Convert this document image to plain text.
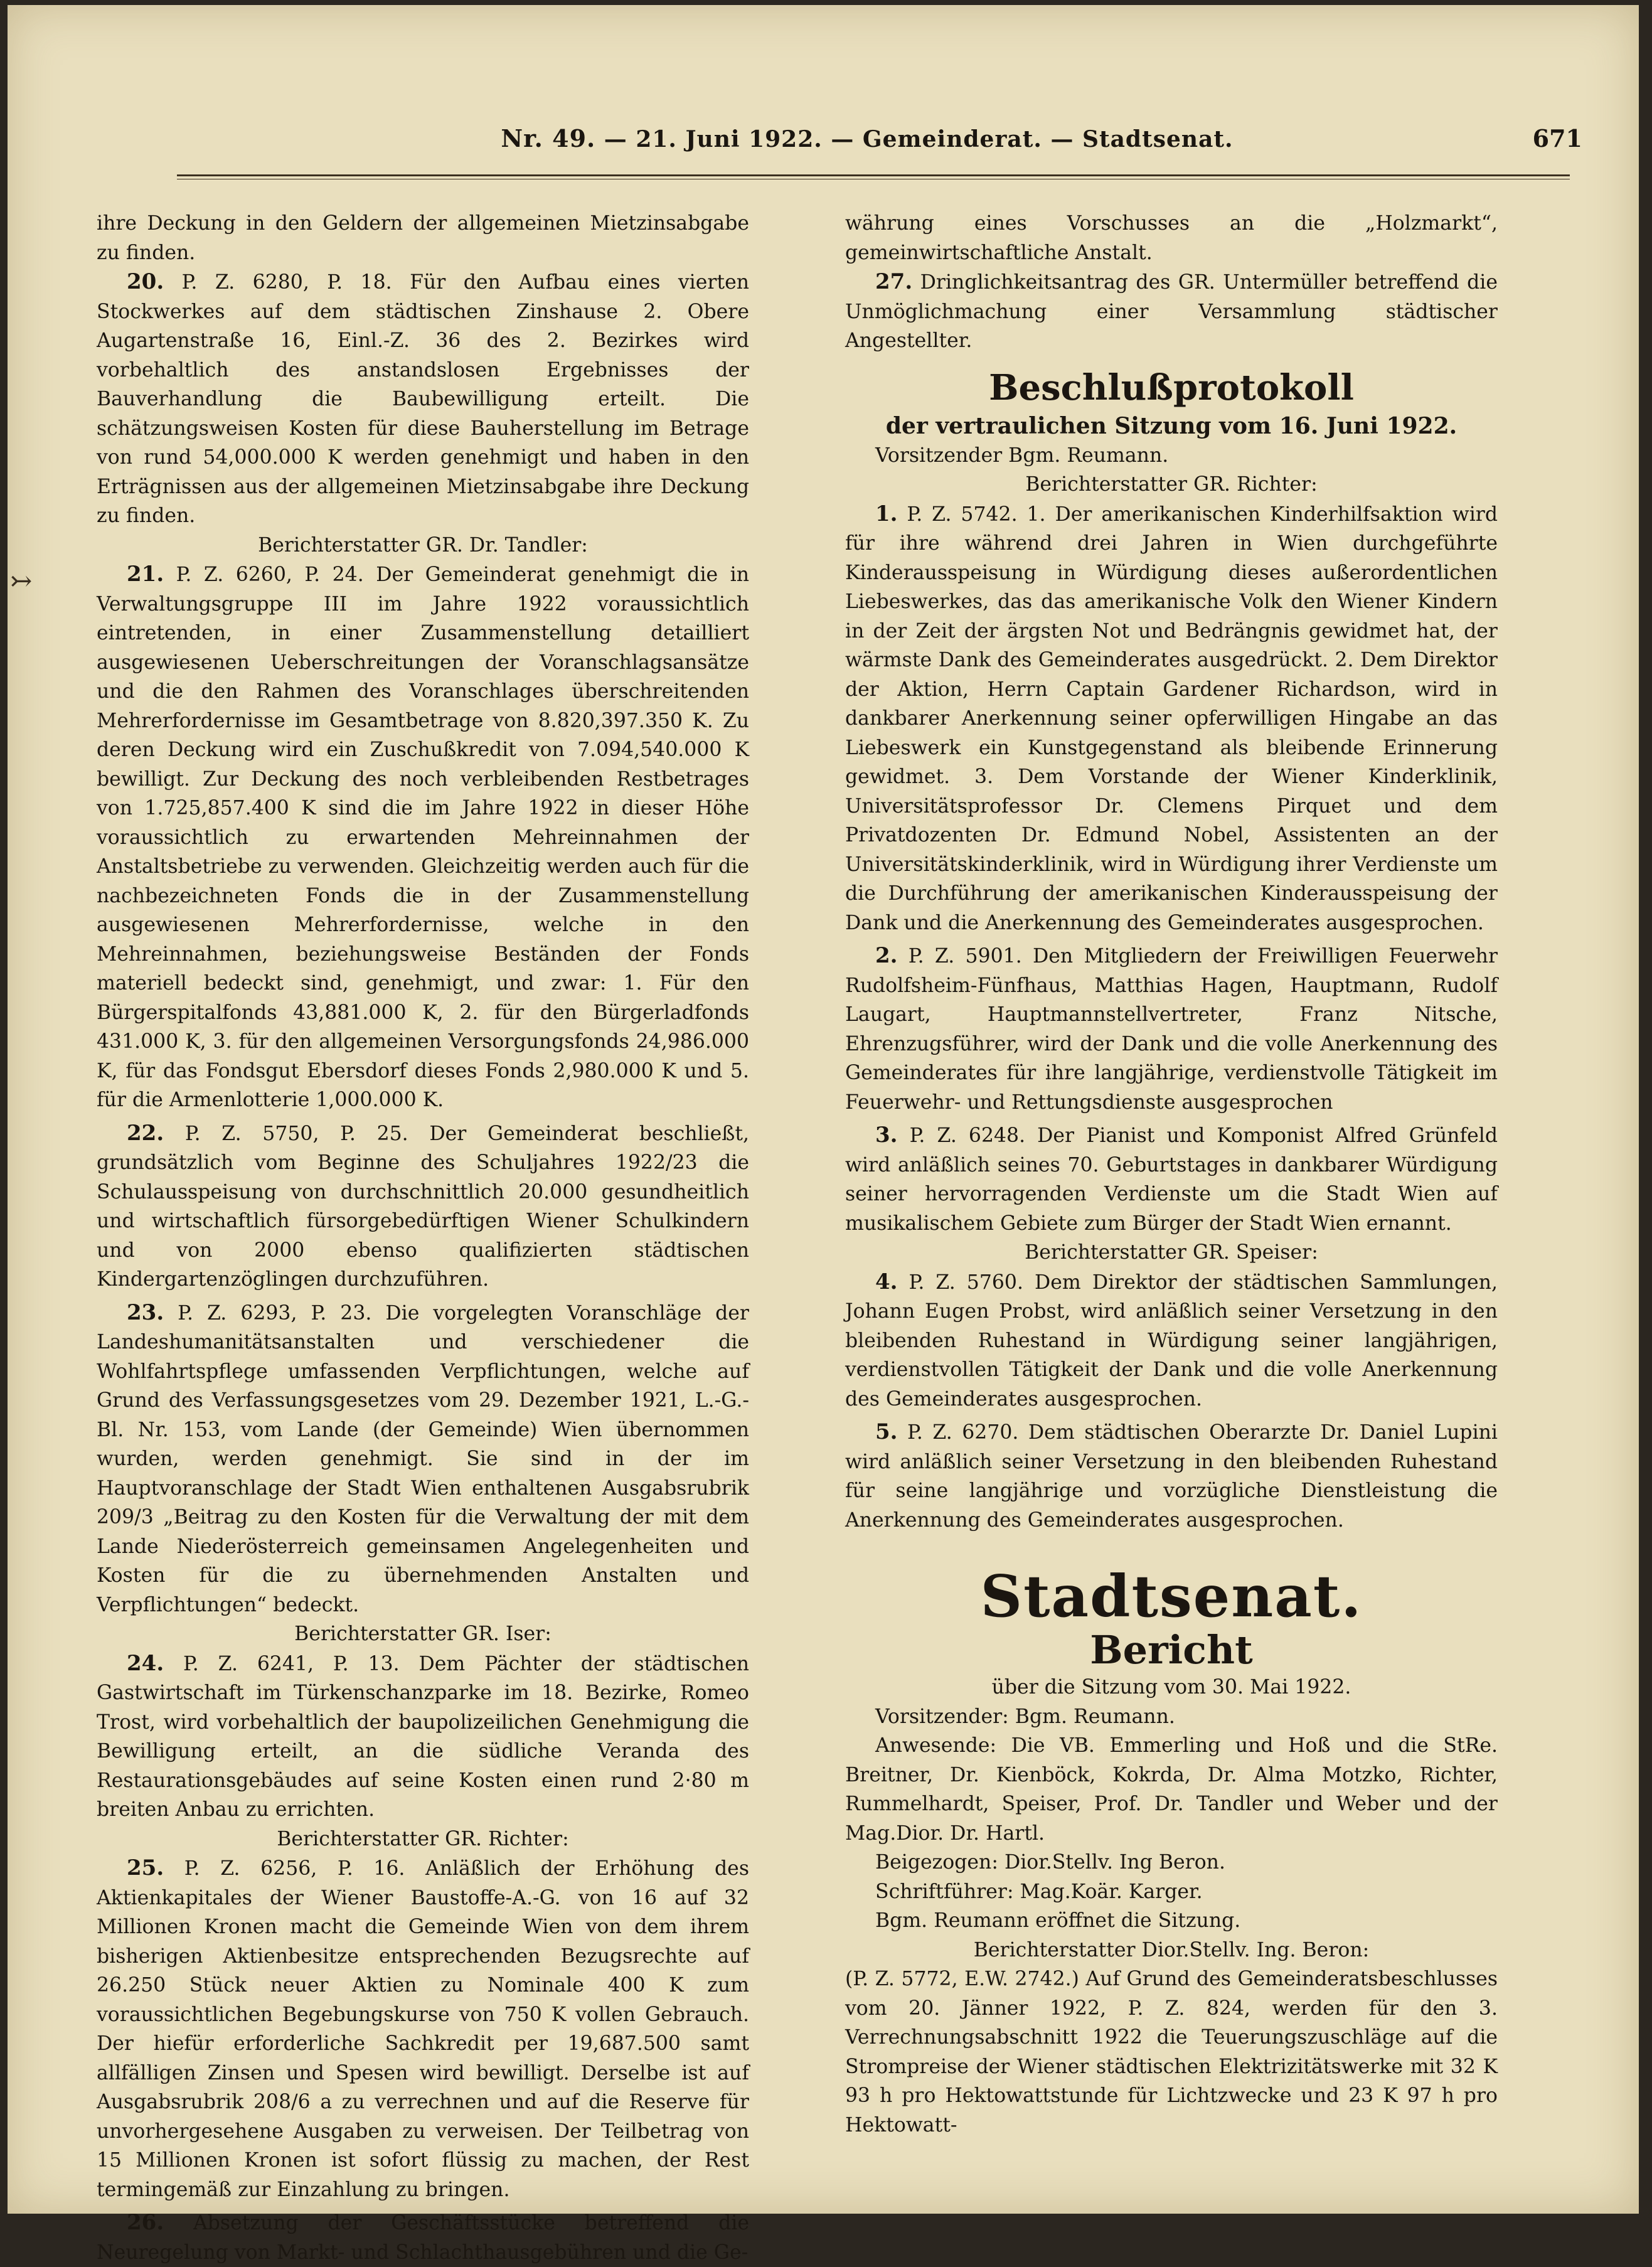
↣
Nr. 49. — 21. Juni 1922. — Gemeinderat. — Stadtsenat.	671

ihre Deckung in den Geldern der allgemeinen Mietzinsabgabe zu finden.

20. P. Z. 6280, P. 18. Für den Aufbau eines vierten Stockwerkes auf dem städtischen Zinshause 2. Obere Augartenstraße 16, Einl.-Z. 36 des 2. Bezirkes wird vorbehaltlich des anstandslosen Ergebnisses der Bauverhandlung die Baubewilligung erteilt. Die schätzungsweisen Kosten für diese Bauherstellung im Betrage von rund 54,000.000 K werden genehmigt und haben in den Erträgnissen aus der allgemeinen Mietzinsabgabe ihre Deckung zu finden.

Berichterstatter GR. Dr. Tandler:

21. P. Z. 6260, P. 24. Der Gemeinderat genehmigt die in Verwaltungsgruppe III im Jahre 1922 voraussichtlich eintretenden, in einer Zusammenstellung detailliert ausgewiesenen Ueberschreitungen der Voranschlagsansätze und die den Rahmen des Voranschlages überschreitenden Mehrerfordernisse im Gesamtbetrage von 8.820,397.350 K. Zu deren Deckung wird ein Zuschußkredit von 7.094,540.000 K bewilligt. Zur Deckung des noch verbleibenden Restbetrages von 1.725,857.400 K sind die im Jahre 1922 in dieser Höhe voraussichtlich zu erwartenden Mehreinnahmen der Anstaltsbetriebe zu verwenden. Gleichzeitig werden auch für die nachbezeichneten Fonds die in der Zusammenstellung ausgewiesenen Mehrerfordernisse, welche in den Mehreinnahmen, beziehungsweise Beständen der Fonds materiell bedeckt sind, genehmigt, und zwar: 1. Für den Bürgerspitalfonds 43,881.000 K, 2. für den Bürgerladfonds 431.000 K, 3. für den allgemeinen Versorgungsfonds 24,986.000 K, für das Fondsgut Ebersdorf dieses Fonds 2,980.000 K und 5. für die Armenlotterie 1,000.000 K.

22. P. Z. 5750, P. 25. Der Gemeinderat beschließt, grundsätzlich vom Beginne des Schuljahres 1922/23 die Schulausspeisung von durchschnittlich 20.000 gesundheitlich und wirtschaftlich fürsorgebedürftigen Wiener Schulkindern und von 2000 ebenso qualifizierten städtischen Kindergartenzöglingen durchzuführen.

23. P. Z. 6293, P. 23. Die vorgelegten Voranschläge der Landeshumanitätsanstalten und verschiedener die Wohlfahrtspflege umfassenden Verpflichtungen, welche auf Grund des Verfassungsgesetzes vom 29. Dezember 1921, L.-G.-Bl. Nr. 153, vom Lande (der Gemeinde) Wien übernommen wurden, werden genehmigt. Sie sind in der im Hauptvoranschlage der Stadt Wien enthaltenen Ausgabsrubrik 209/3 „Beitrag zu den Kosten für die Verwaltung der mit dem Lande Niederösterreich gemeinsamen Angelegenheiten und Kosten für die zu übernehmenden Anstalten und Verpflichtungen“ bedeckt.

Berichterstatter GR. Iser:

24. P. Z. 6241, P. 13. Dem Pächter der städtischen Gastwirtschaft im Türkenschanzparke im 18. Bezirke, Romeo Trost, wird vorbehaltlich der baupolizeilichen Genehmigung die Bewilligung erteilt, an die südliche Veranda des Restaurationsgebäudes auf seine Kosten einen rund 2·80 m breiten Anbau zu errichten.

Berichterstatter GR. Richter:

25. P. Z. 6256, P. 16. Anläßlich der Erhöhung des Aktienkapitales der Wiener Baustoffe-A.-G. von 16 auf 32 Millionen Kronen macht die Gemeinde Wien von dem ihrem bisherigen Aktienbesitze entsprechenden Bezugsrechte auf 26.250 Stück neuer Aktien zu Nominale 400 K zum voraussichtlichen Begebungskurse von 750 K vollen Gebrauch. Der hiefür erforderliche Sachkredit per 19,687.500 samt allfälligen Zinsen und Spesen wird bewilligt. Derselbe ist auf Ausgabsrubrik 208/6 a zu verrechnen und auf die Reserve für unvorhergesehene Ausgaben zu verweisen. Der Teilbetrag von 15 Millionen Kronen ist sofort flüssig zu machen, der Rest termingemäß zur Einzahlung zu bringen.

26. Absetzung der Geschäftsstücke betreffend die Neuregelung von Markt- und Schlachthausgebühren und die Ge-

währung eines Vorschusses an die „Holzmarkt“, gemeinwirtschaftliche Anstalt.

27. Dringlichkeitsantrag des GR. Untermüller betreffend die Unmöglichmachung einer Versammlung städtischer Angestellter.

Beschlußprotokoll
der vertraulichen Sitzung vom 16. Juni 1922.

Vorsitzender Bgm. Reumann.

Berichterstatter GR. Richter:

1. P. Z. 5742. 1. Der amerikanischen Kinderhilfsaktion wird für ihre während drei Jahren in Wien durchgeführte Kinderausspeisung in Würdigung dieses außerordentlichen Liebeswerkes, das das amerikanische Volk den Wiener Kindern in der Zeit der ärgsten Not und Bedrängnis gewidmet hat, der wärmste Dank des Gemeinderates ausgedrückt. 2. Dem Direktor der Aktion, Herrn Captain Gardener Richardson, wird in dankbarer Anerkennung seiner opferwilligen Hingabe an das Liebeswerk ein Kunstgegenstand als bleibende Erinnerung gewidmet. 3. Dem Vorstande der Wiener Kinderklinik, Universitätsprofessor Dr. Clemens Pirquet und dem Privatdozenten Dr. Edmund Nobel, Assistenten an der Universitätskinderklinik, wird in Würdigung ihrer Verdienste um die Durchführung der amerikanischen Kinderausspeisung der Dank und die Anerkennung des Gemeinderates ausgesprochen.

2. P. Z. 5901. Den Mitgliedern der Freiwilligen Feuerwehr Rudolfsheim-Fünfhaus, Matthias Hagen, Hauptmann, Rudolf Laugart, Hauptmannstellvertreter, Franz Nitsche, Ehrenzugsführer, wird der Dank und die volle Anerkennung des Gemeinderates für ihre langjährige, verdienstvolle Tätigkeit im Feuerwehr- und Rettungsdienste ausgesprochen

3. P. Z. 6248. Der Pianist und Komponist Alfred Grünfeld wird anläßlich seines 70. Geburtstages in dankbarer Würdigung seiner hervorragenden Verdienste um die Stadt Wien auf musikalischem Gebiete zum Bürger der Stadt Wien ernannt.

Berichterstatter GR. Speiser:

4. P. Z. 5760. Dem Direktor der städtischen Sammlungen, Johann Eugen Probst, wird anläßlich seiner Versetzung in den bleibenden Ruhestand in Würdigung seiner langjährigen, verdienstvollen Tätigkeit der Dank und die volle Anerkennung des Gemeinderates ausgesprochen.

5. P. Z. 6270. Dem städtischen Oberarzte Dr. Daniel Lupini wird anläßlich seiner Versetzung in den bleibenden Ruhestand für seine langjährige und vorzügliche Dienstleistung die Anerkennung des Gemeinderates ausgesprochen.

Stadtsenat.
Bericht

über die Sitzung vom 30. Mai 1922.

Vorsitzender: Bgm. Reumann.

Anwesende: Die VB. Emmerling und Hoß und die StRe. Breitner, Dr. Kienböck, Kokrda, Dr. Alma Motzko, Richter, Rummelhardt, Speiser, Prof. Dr. Tandler und Weber und der Mag.Dior. Dr. Hartl.

Beigezogen: Dior.Stellv. Ing Beron.

Schriftführer: Mag.Koär. Karger.

Bgm. Reumann eröffnet die Sitzung.

Berichterstatter Dior.Stellv. Ing. Beron:

(P. Z. 5772, E.W. 2742.) Auf Grund des Gemeinderatsbeschlusses vom 20. Jänner 1922, P. Z. 824, werden für den 3. Verrechnungsabschnitt 1922 die Teuerungszuschläge auf die Strompreise der Wiener städtischen Elektrizitätswerke mit 32 K 93 h pro Hektowattstunde für Lichtzwecke und 23 K 97 h pro Hektowatt-
